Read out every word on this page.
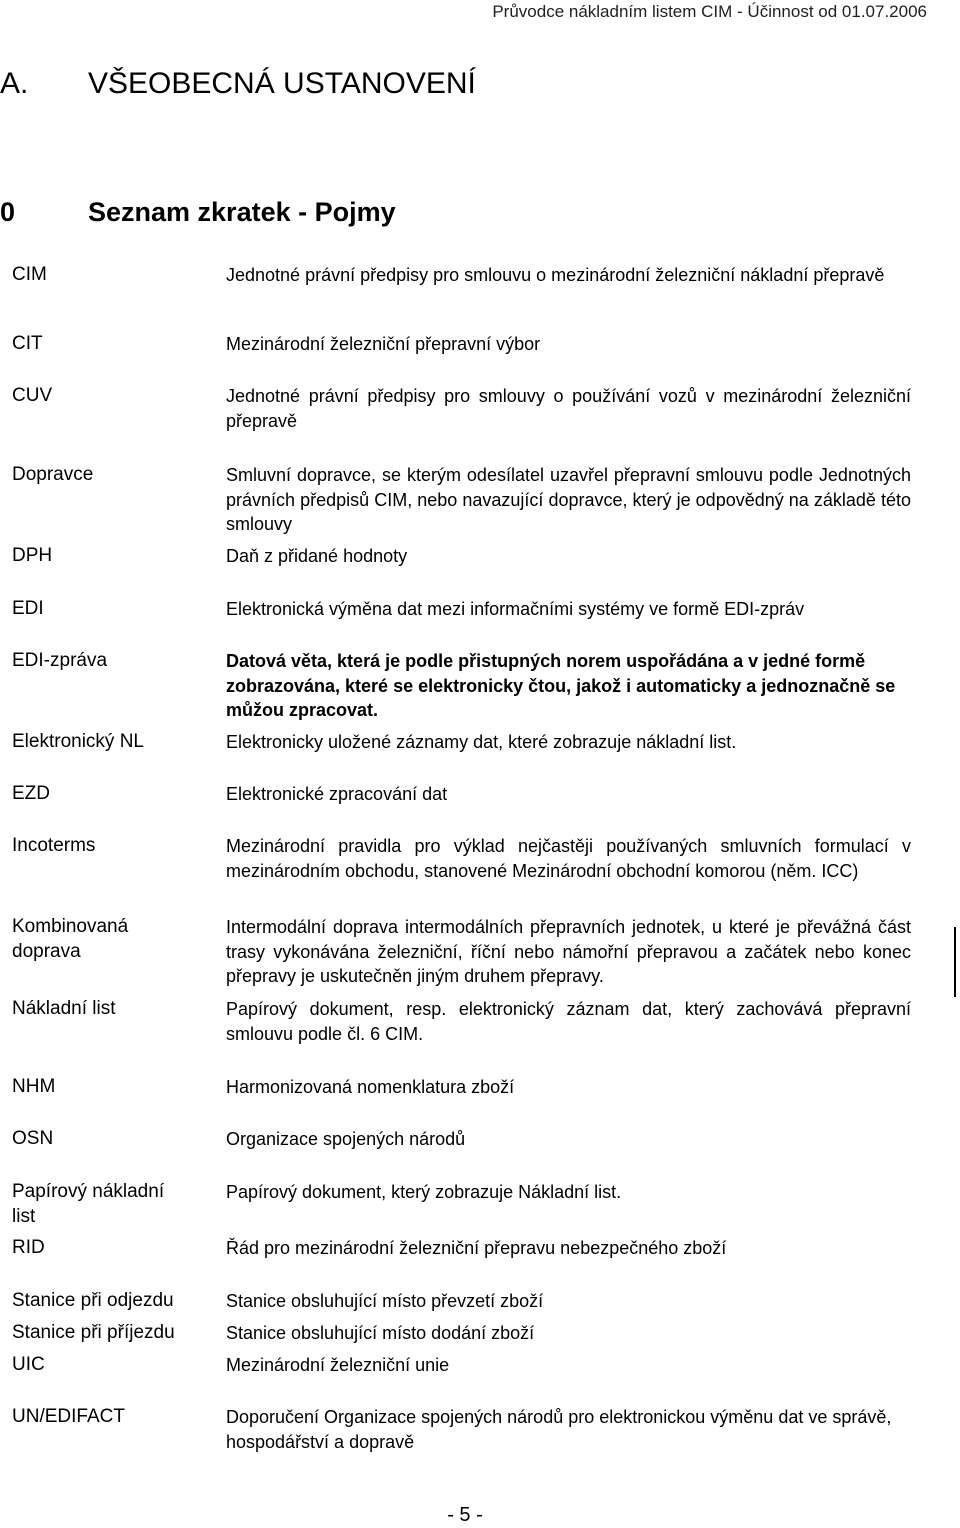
Průvodce nákladním listem CIM - Účinnost od 01.07.2006
A. VŠEOBECNÁ USTANOVENÍ
0	Seznam zkratek - Pojmy
CIM
CIT
CUV
Dopravce
DPH
EDI
EDI-zpráva
Elektronický NL
EZD
Incoterms
Kombinovaná doprava
Nákladní list
NHM
OSN
Papírový nákladní list
RID
Stanice při odjezdu
Stanice při příjezdu
UIC
UN/EDIFACT
Jednotné právní předpisy pro smlouvu o mezinárodní železniční nákladní přepravě
Mezinárodní železniční přepravní výbor
Jednotné právní předpisy pro smlouvy o používání vozů v mezinárodní železniční přepravě
Smluvní dopravce, se kterým odesílatel uzavřel přepravní smlouvu podle Jednotných právních předpisů CIM, nebo navazující dopravce, který je odpovědný na základě této smlouvy
Daň z přidané hodnoty
Elektronická výměna dat mezi informačními systémy ve formě EDI-zpráv
Datová věta, která je podle přistupných norem uspořádána a v jedné formě zobrazována, které se elektronicky čtou, jakož i automaticky a jednoznačně se můžou zpracovat.
Elektronicky uložené záznamy dat, které zobrazuje nákladní list.
Elektronické zpracování dat
Mezinárodní pravidla pro výklad nejčastěji používaných smluvních formulací v mezinárodním obchodu, stanovené Mezinárodní obchodní komorou (něm. ICC)
Intermodální doprava intermodálních přepravních jednotek, u které je převážná část trasy vykonávána železniční, říční nebo námořní přepravou a začátek nebo konec přepravy je uskutečněn jiným druhem přepravy.
Papírový dokument, resp. elektronický záznam dat, který zachovává přepravní smlouvu podle čl. 6 CIM.
Harmonizovaná nomenklatura zboží
Organizace spojených národů
Papírový dokument, který zobrazuje Nákladní list.
Řád pro mezinárodní železniční přepravu nebezpečného zboží
Stanice obsluhující místo převzetí zboží
Stanice obsluhující místo dodání zboží
Mezinárodní železniční unie
Doporučení Organizace spojených národů pro elektronickou výměnu dat ve správě, hospodářství a dopravě
- 5 -
